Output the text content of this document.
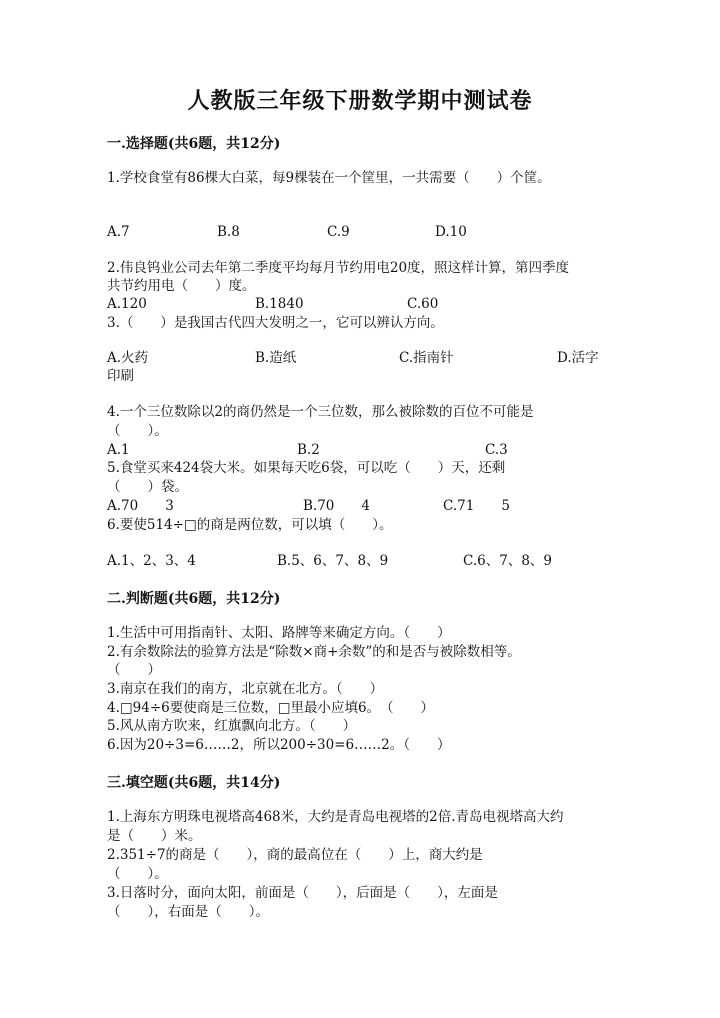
人教版三年级下册数学期中测试卷
一.选择题(共6题，共12分)
1.学校食堂有86棵大白菜，每9棵装在一个筐里，一共需要（　　）个筐。
A.7	B.8	C.9	D.10
2.伟良钨业公司去年第二季度平均每月节约用电20度，照这样计算，第四季度
共节约用电（　　）度。
A.120	B.1840	C.60
3.（　　）是我国古代四大发明之一，它可以辨认方向。
A.火药	B.造纸	C.指南针	D.活字
印刷
4.一个三位数除以2的商仍然是一个三位数，那么被除数的百位不可能是
（　　）。
A.1	B.2	C.3
5.食堂买来424袋大米。如果每天吃6袋，可以吃（　　）天，还剩
（　　）袋。
A.70　　3	B.70　　4	C.71　　5
6.要使514÷□的商是两位数，可以填（　　）。
A.1、2、3、4	B.5、6、7、8、9	C.6、7、8、9
二.判断题(共6题，共12分)
1.生活中可用指南针、太阳、路牌等来确定方向。（　　）
2.有余数除法的验算方法是“除数×商+余数”的和是否与被除数相等。
（　　）
3.南京在我们的南方，北京就在北方。（　　）
4.□94÷6要使商是三位数，□里最小应填6。　（　　）
5.风从南方吹来，红旗飘向北方。（　　）
6.因为20÷3=6……2，所以200÷30=6……2。（　　）
三.填空题(共6题，共14分)
1.上海东方明珠电视塔高468米，大约是青岛电视塔的2倍.青岛电视塔高大约
是（　　）米。
2.351÷7的商是（　　），商的最高位在（　　）上，商大约是
（　　）。
3.日落时分，面向太阳，前面是（　　），后面是（　　），左面是
（　　），右面是（　　）。
